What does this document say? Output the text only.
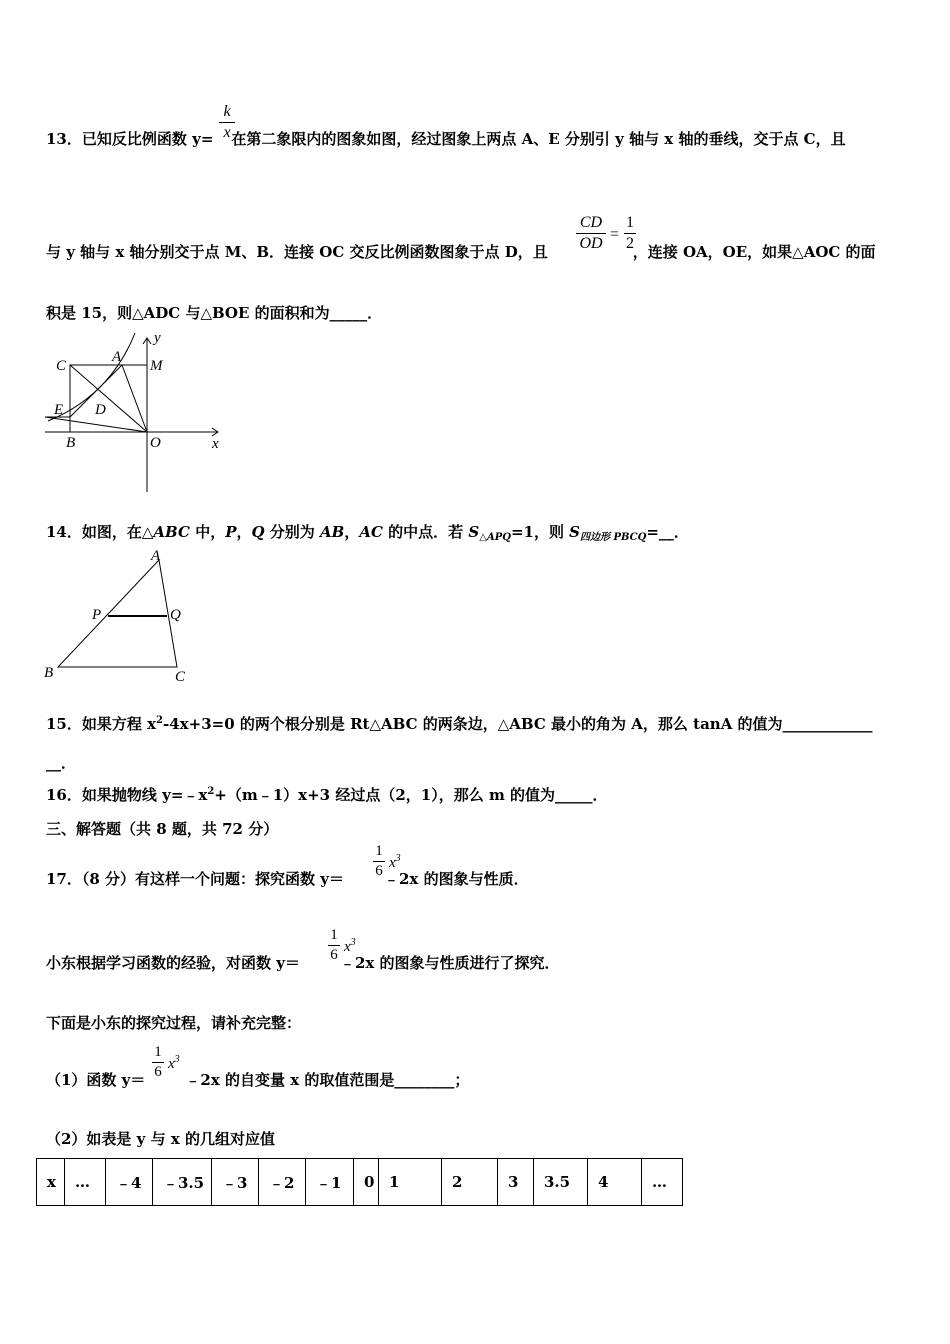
13．已知反比例函数 y= 在第二象限内的图象如图，经过图象上两点 A、E 分别引 y 轴与 x 轴的垂线，交于点 C，且
k
x
与 y 轴与 x 轴分别交于点 M、B．连接 OC 交反比例函数图象于点 D，且	，连接 OA，OE，如果△AOC 的面
CD
OD
=
1
2
积是 15，则△ADC 与△BOE 的面积和为_____．
C
A
y
M
E D
B	O	x
14．如图，在△ABC 中，P，Q 分别为 AB，AC 的中点．若 $S_{\triangle APQ}=1$，则 $S_{四边形 PBCQ}=\_\_$．
A
P	Q
B	C
15．如果方程 $x^2-4x+3=0$ 的两个根分别是 Rt△ABC 的两条边，△ABC 最小的角为 A，那么 tanA 的值为____________
__．
16．如果抛物线 $y=﹣x^2+(m﹣1)x+3$ 经过点（2，1），那么 m 的值为_____．
三、解答题（共 8 题，共 72 分）
17．（8 分）有这样一个问题：探究函数 y＝	﹣2x 的图象与性质．
1
6 $x^3$
小东根据学习函数的经验，对函数 y＝	﹣2x 的图象与性质进行了探究．
1
6 $x^3$
下面是小东的探究过程，请补充完整：
（1）函数 y＝	﹣2x 的自变量 x 的取值范围是________；
1
6 $x^3$
（2）如表是 y 与 x 的几组对应值
x	…	﹣4	﹣3.5	﹣3	﹣2	﹣1	0	1	2	3	3.5	4	…
